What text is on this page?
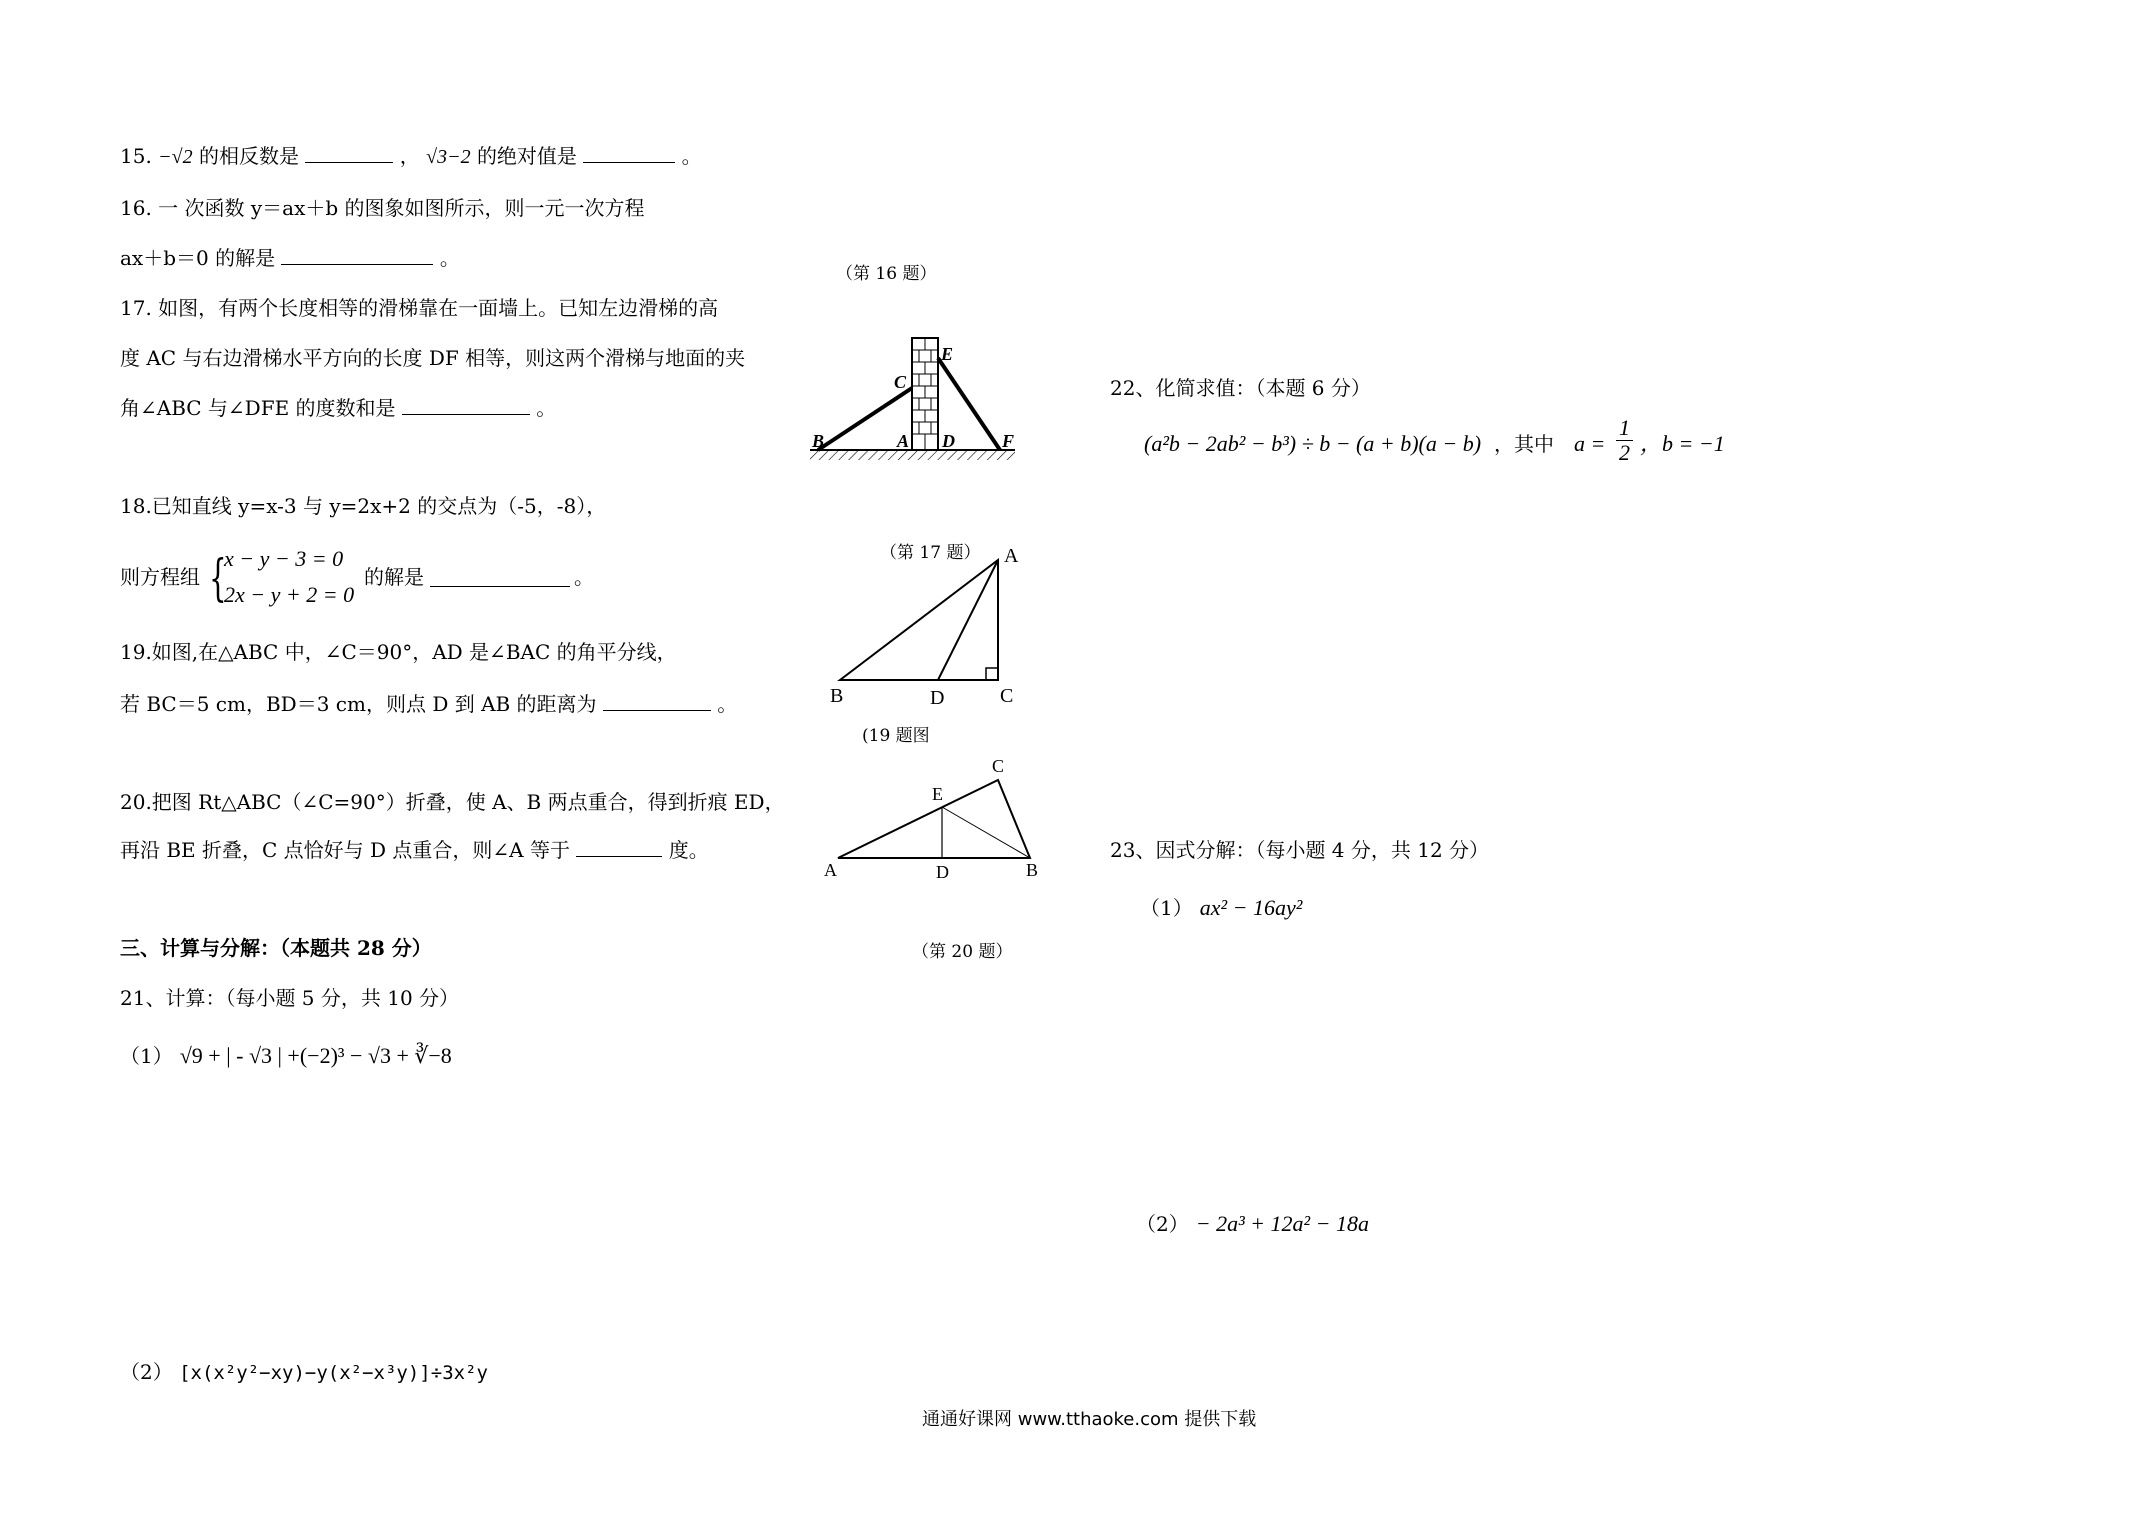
15. −√2 的相反数是	， √3−2 的绝对值是	。
16. 一 次函数 y＝ax＋b 的图象如图所示，则一元一次方程
ax＋b＝0 的解是	。
（第 16 题）
17. 如图，有两个长度相等的滑梯靠在一面墙上。已知左边滑梯的高
度 AC 与右边滑梯水平方向的长度 DF 相等，则这两个滑梯与地面的夹
角∠ABC 与∠DFE 的度数和是	。
B	A D	F
C
E
18.已知直线 y=x-3 与 y=2x+2 的交点为（-5，-8），
则方程组 {
x − y − 3 = 0
2x − y + 2 = 0
的解是	。
（第 17 题） A
B	D	C
(19 题图
19.如图,在△ABC 中，∠C＝90°，AD 是∠BAC 的角平分线，
若 BC＝5 cm，BD＝3 cm，则点 D 到 AB 的距离为	。
20.把图 Rt△ABC（∠C=90°）折叠，使 A、B 两点重合，得到折痕 ED，
再沿 BE 折叠，C 点恰好与 D 点重合，则∠A 等于	度。
C
E
A	D	B
（第 20 题）
三、计算与分解：（本题共 28 分）
21、计算：（每小题 5 分，共 10 分）
（1） √9 + | - √3 | +(−2)³ − √3 + ∛−8
（2） [x(x²y²−xy)−y(x²−x³y)]÷3x²y
22、化简求值：（本题 6 分）
(a²b − 2ab² − b³) ÷ b − (a + b)(a − b) ，其中 $a = \frac{1}{2}$ ，b = −1
23、因式分解：（每小题 4 分，共 12 分）
（1） ax² − 16ay²
（2） − 2a³ + 12a² − 18a
通通好课网 www.tthaoke.com 提供下载
